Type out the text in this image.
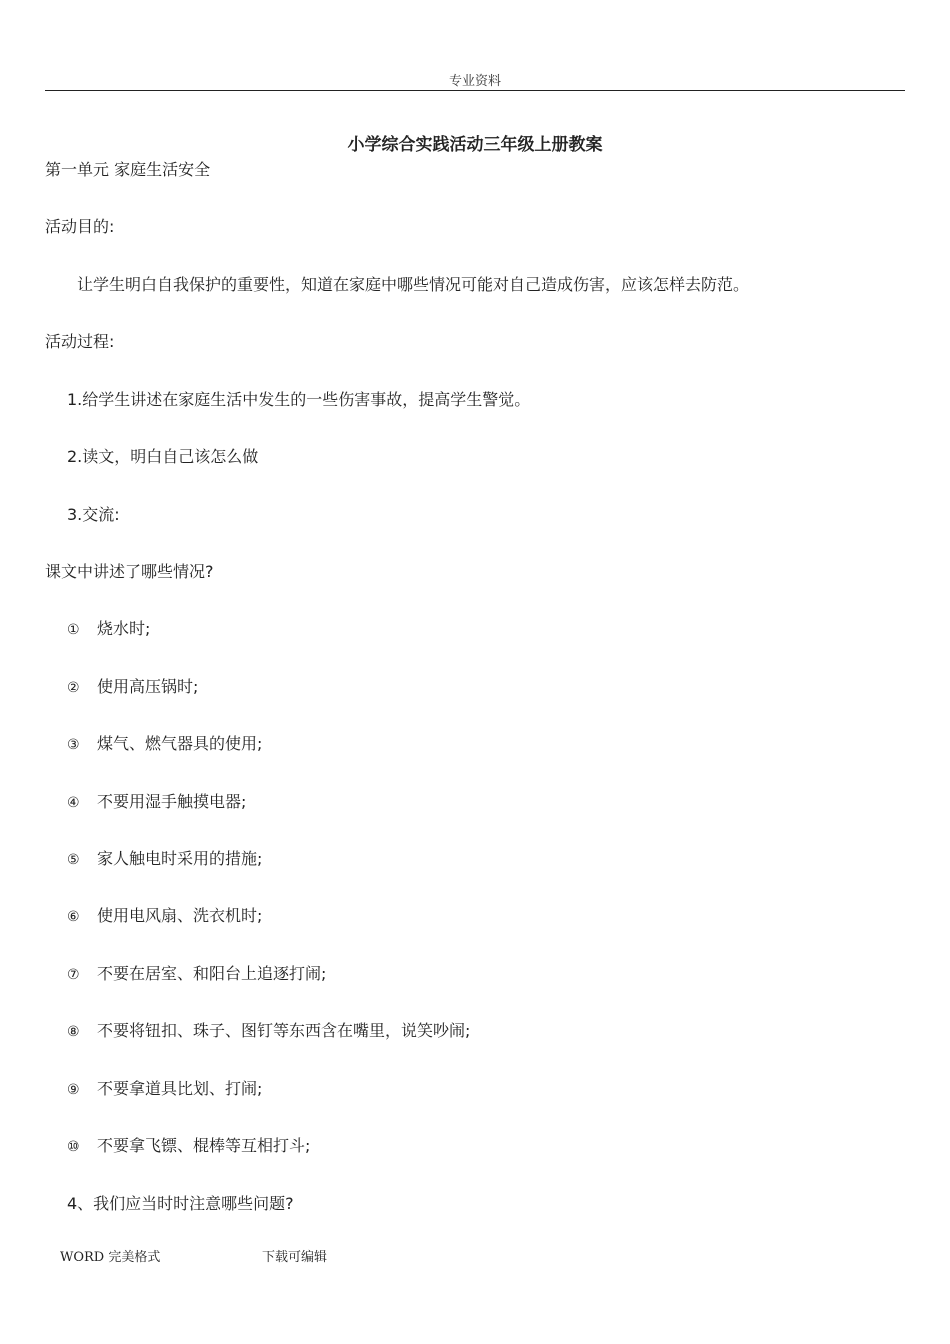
专业资料
小学综合实践活动三年级上册教案
第一单元 家庭生活安全
活动目的:
让学生明白自我保护的重要性，知道在家庭中哪些情况可能对自己造成伤害，应该怎样去防范。
活动过程:
1.给学生讲述在家庭生活中发生的一些伤害事故，提高学生警觉。
2.读文，明白自己该怎么做
3.交流:
课文中讲述了哪些情况?
① 烧水时;
② 使用高压锅时;
③ 煤气、燃气器具的使用;
④ 不要用湿手触摸电器;
⑤ 家人触电时采用的措施;
⑥ 使用电风扇、洗衣机时;
⑦ 不要在居室、和阳台上追逐打闹;
⑧ 不要将钮扣、珠子、图钉等东西含在嘴里，说笑吵闹;
⑨ 不要拿道具比划、打闹;
⑩ 不要拿飞镖、棍棒等互相打斗;
4、我们应当时时注意哪些问题?
WORD 完美格式	下载可编辑
